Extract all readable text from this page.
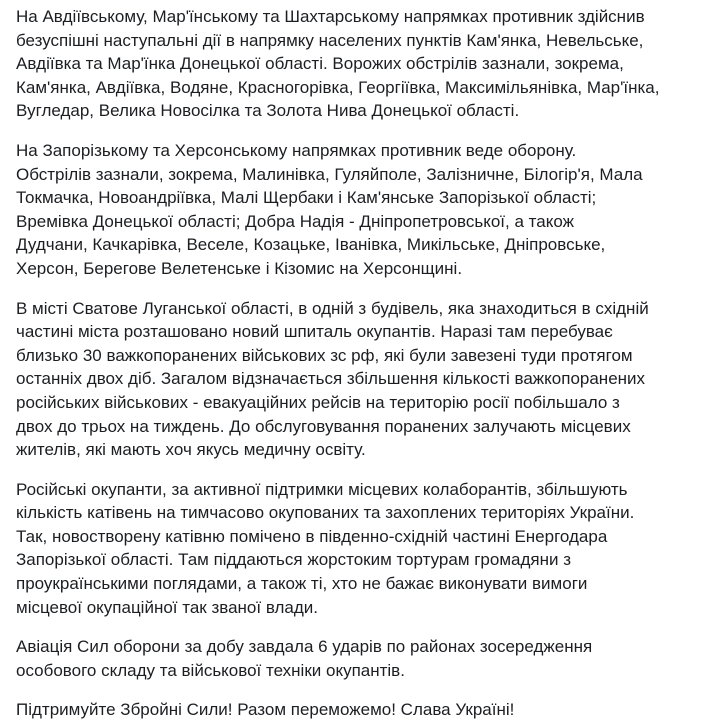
На Авдіївському, Мар'їнському та Шахтарському напрямках противник здійснив
безуспішні наступальні дії в напрямку населених пунктів Кам'янка, Невельське,
Авдіївка та Мар'їнка Донецької області. Ворожих обстрілів зазнали, зокрема,
Кам'янка, Авдіївка, Водяне, Красногорівка, Георгіївка, Максимільянівка, Мар'їнка,
Вугледар, Велика Новосілка та Золота Нива Донецької області.
На Запорізькому та Херсонському напрямках противник веде оборону.
Обстрілів зазнали, зокрема, Малинівка, Гуляйполе, Залізничне, Білогір'я, Мала
Токмачка, Новоандріївка, Малі Щербаки і Кам'янське Запорізької області;
Времівка Донецької області; Добра Надія - Дніпропетровської, а також
Дудчани, Качкарівка, Веселе, Козацьке, Іванівка, Микільське, Дніпровське,
Херсон, Берегове Велетенське і Кізомис на Херсонщині.
В місті Сватове Луганської області, в одній з будівель, яка знаходиться в східній
частині міста розташовано новий шпиталь окупантів. Наразі там перебуває
близько 30 важкопоранених військових зс рф, які були завезені туди протягом
останніх двох діб. Загалом відзначається збільшення кількості важкопоранених
російських військових - евакуаційних рейсів на територію росії побільшало з
двох до трьох на тиждень. До обслуговування поранених залучають місцевих
жителів, які мають хоч якусь медичну освіту.
Російські окупанти, за активної підтримки місцевих колаборантів, збільшують
кількість катівень на тимчасово окупованих та захоплених територіях України.
Так, новостворену катівню помічено в південно-східній частині Енергодара
Запорізької області. Там піддаються жорстоким тортурам громадяни з
проукраїнськими поглядами, а також ті, хто не бажає виконувати вимоги
місцевої окупаційної так званої влади.
Авіація Сил оборони за добу завдала 6 ударів по районах зосередження
особового складу та військової техніки окупантів.
Підтримуйте Збройні Сили! Разом переможемо! Слава Україні!
